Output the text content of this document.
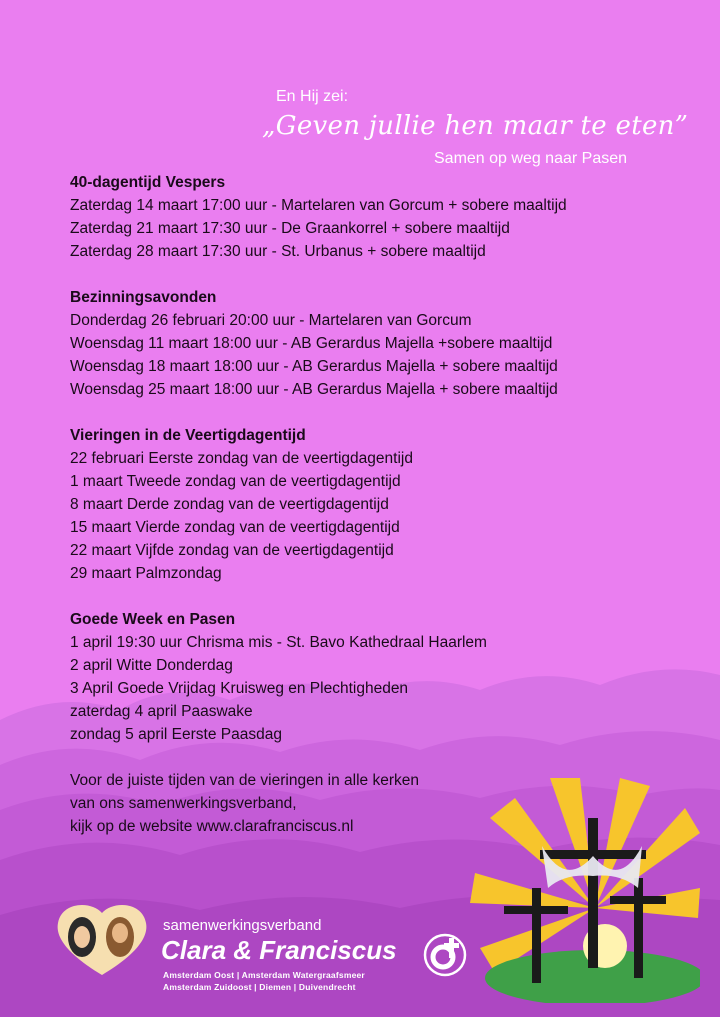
En Hij zei:
„Geven jullie hen maar te eten”
Samen op weg naar Pasen
40-dagentijd Vespers

Zaterdag 14 maart 17:00 uur - Martelaren van Gorcum + sobere maaltijd

Zaterdag 21 maart 17:30 uur - De Graankorrel + sobere maaltijd

Zaterdag 28 maart 17:30 uur - St. Urbanus + sobere maaltijd

Bezinningsavonden

Donderdag 26 februari 20:00 uur - Martelaren van Gorcum

Woensdag 11 maart 18:00 uur - AB Gerardus Majella +sobere maaltijd

Woensdag 18 maart 18:00 uur - AB Gerardus Majella + sobere maaltijd

Woensdag 25 maart 18:00 uur - AB Gerardus Majella + sobere maaltijd

Vieringen in de Veertigdagentijd

22 februari Eerste zondag van de veertigdagentijd

1 maart Tweede zondag van de veertigdagentijd

8 maart Derde zondag van de veertigdagentijd

15 maart Vierde zondag van de veertigdagentijd

22 maart Vijfde zondag van de veertigdagentijd

29 maart Palmzondag

Goede Week en Pasen

1 april 19:30 uur Chrisma mis - St. Bavo Kathedraal Haarlem

2 april Witte Donderdag

3 April Goede Vrijdag Kruisweg en Plechtigheden

zaterdag 4 april Paaswake

zondag 5 april Eerste Paasdag

Voor de juiste tijden van de vieringen in alle kerken

van ons samenwerkingsverband,

kijk op de website www.clarafranciscus.nl

samenwerkingsverband
Clara & Franciscus
Amsterdam Oost | Amsterdam Watergraafsmeer
Amsterdam Zuidoost | Diemen | Duivendrecht
